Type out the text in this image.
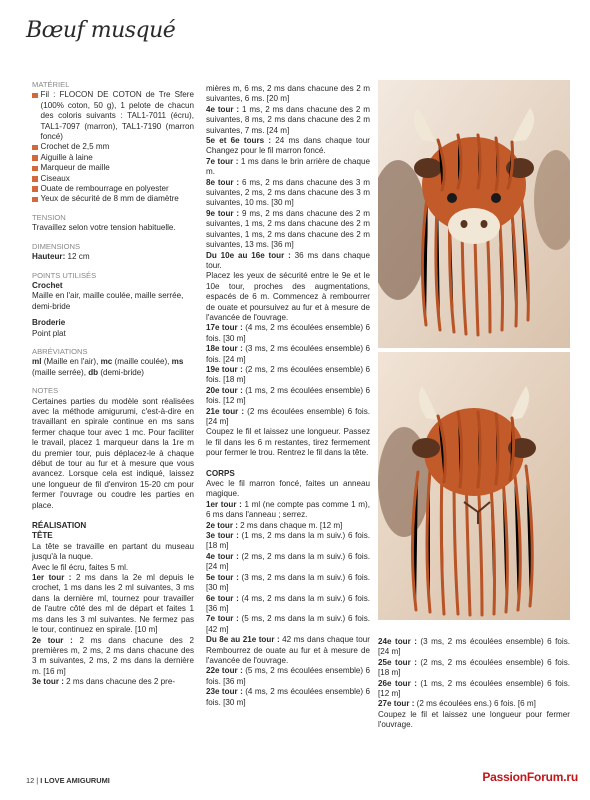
Bœuf musqué
MATÉRIEL
Fil : FLOCON DE COTON de Tre Sfere (100% coton, 50 g), 1 pelote de chacun des coloris suivants : TAL1-7011 (écru), TAL1-7097 (marron), TAL1-7190 (marron foncé)
Crochet de 2,5 mm
Aiguille à laine
Marqueur de maille
Ciseaux
Ouate de rembourrage en polyester
Yeux de sécurité de 8 mm de diamètre
TENSION
Travaillez selon votre tension habituelle.
DIMENSIONS
Hauteur: 12 cm
POINTS UTILISÉS
Crochet
Maille en l'air, maille coulée, maille serrée, demi-bride
Broderie
Point plat
ABRÉVIATIONS
ml (Maille en l'air), mc (maille coulée), ms (maille serrée), db (demi-bride)
NOTES
Certaines parties du modèle sont réalisées avec la méthode amigurumi, c'est-à-dire en travaillant en spirale continue en ms sans fermer chaque tour avec 1 mc. Pour faciliter le travail, placez 1 marqueur dans la 1re m du premier tour, puis déplacez-le à chaque début de tour au fur et à mesure que vous avancez. Lorsque cela est indiqué, laissez une longueur de fil d'environ 15-20 cm pour fermer l'ouvrage ou coudre les parties en place.
RÉALISATION
TÊTE
La tête se travaille en partant du museau jusqu'à la nuque.
Avec le fil écru, faites 5 ml.
1er tour : 2 ms dans la 2e ml depuis le crochet, 1 ms dans les 2 ml suivantes, 3 ms dans la dernière ml, tournez pour travailler de l'autre côté des ml de départ et faites 1 ms dans les 3 ml suivantes. Ne fermez pas le tour, continuez en spirale. [10 m]
2e tour : 2 ms dans chacune des 2 premières m, 2 ms, 2 ms dans chacune des 3 m suivantes, 2 ms, 2 ms dans la dernière m. [16 m]
3e tour : 2 ms dans chacune des 2 pre-
mières m, 6 ms, 2 ms dans chacune des 2 m suivantes, 6 ms. [20 m]
4e tour : 1 ms, 2 ms dans chacune des 2 m suivantes, 8 ms, 2 ms dans chacune des 2 m suivantes, 7 ms. [24 m]
5e et 6e tours : 24 ms dans chaque tour Changez pour le fil marron foncé.
7e tour : 1 ms dans le brin arrière de chaque m.
8e tour : 6 ms, 2 ms dans chacune des 3 m suivantes, 2 ms, 2 ms dans chacune des 3 m suivantes, 10 ms. [30 m]
9e tour : 9 ms, 2 ms dans chacune des 2 m suivantes, 1 ms, 2 ms dans chacune des 2 m suivantes, 1 ms, 2 ms dans chacune des 2 m suivantes, 13 ms. [36 m]
Du 10e au 16e tour : 36 ms dans chaque tour.
Placez les yeux de sécurité entre le 9e et le 10e tour, proches des augmentations, espacés de 6 m. Commencez à rembourrer de ouate et poursuivez au fur et à mesure de l'avancée de l'ouvrage.
17e tour : (4 ms, 2 ms écoulées ensemble) 6 fois. [30 m]
18e tour : (3 ms, 2 ms écoulées ensemble) 6 fois. [24 m]
19e tour : (2 ms, 2 ms écoulées ensemble) 6 fois. [18 m]
20e tour : (1 ms, 2 ms écoulées ensemble) 6 fois. [12 m]
21e tour : (2 ms écoulées ensemble) 6 fois. [24 m]
Coupez le fil et laissez une longueur. Passez le fil dans les 6 m restantes, tirez fermement pour fermer le trou. Rentrez le fil dans la tête.
CORPS
Avec le fil marron foncé, faites un anneau magique.
1er tour : 1 ml (ne compte pas comme 1 m), 6 ms dans l'anneau ; serrez.
2e tour : 2 ms dans chaque m. [12 m]
3e tour : (1 ms, 2 ms dans la m suiv.) 6 fois. [18 m]
4e tour : (2 ms, 2 ms dans la m suiv.) 6 fois. [24 m]
5e tour : (3 ms, 2 ms dans la m suiv.) 6 fois. [30 m]
6e tour : (4 ms, 2 ms dans la m suiv.) 6 fois. [36 m]
7e tour : (5 ms, 2 ms dans la m suiv.) 6 fois. [42 m]
Du 8e au 21e tour : 42 ms dans chaque tour Rembourrez de ouate au fur et à mesure de l'avancée de l'ouvrage.
22e tour : (5 ms, 2 ms écoulées ensemble) 6 fois. [36 m]
23e tour : (4 ms, 2 ms écoulées ensemble) 6 fois. [30 m]
24e tour : (3 ms, 2 ms écoulées ensemble) 6 fois. [24 m]
25e tour : (2 ms, 2 ms écoulées ensemble) 6 fois. [18 m]
26e tour : (1 ms, 2 ms écoulées ensemble) 6 fois. [12 m]
27e tour : (2 ms écoulées ens.) 6 fois. [6 m]
Coupez le fil et laissez une longueur pour fermer l'ouvrage.
12 | I LOVE AMIGURUMI	PassionForum.ru
